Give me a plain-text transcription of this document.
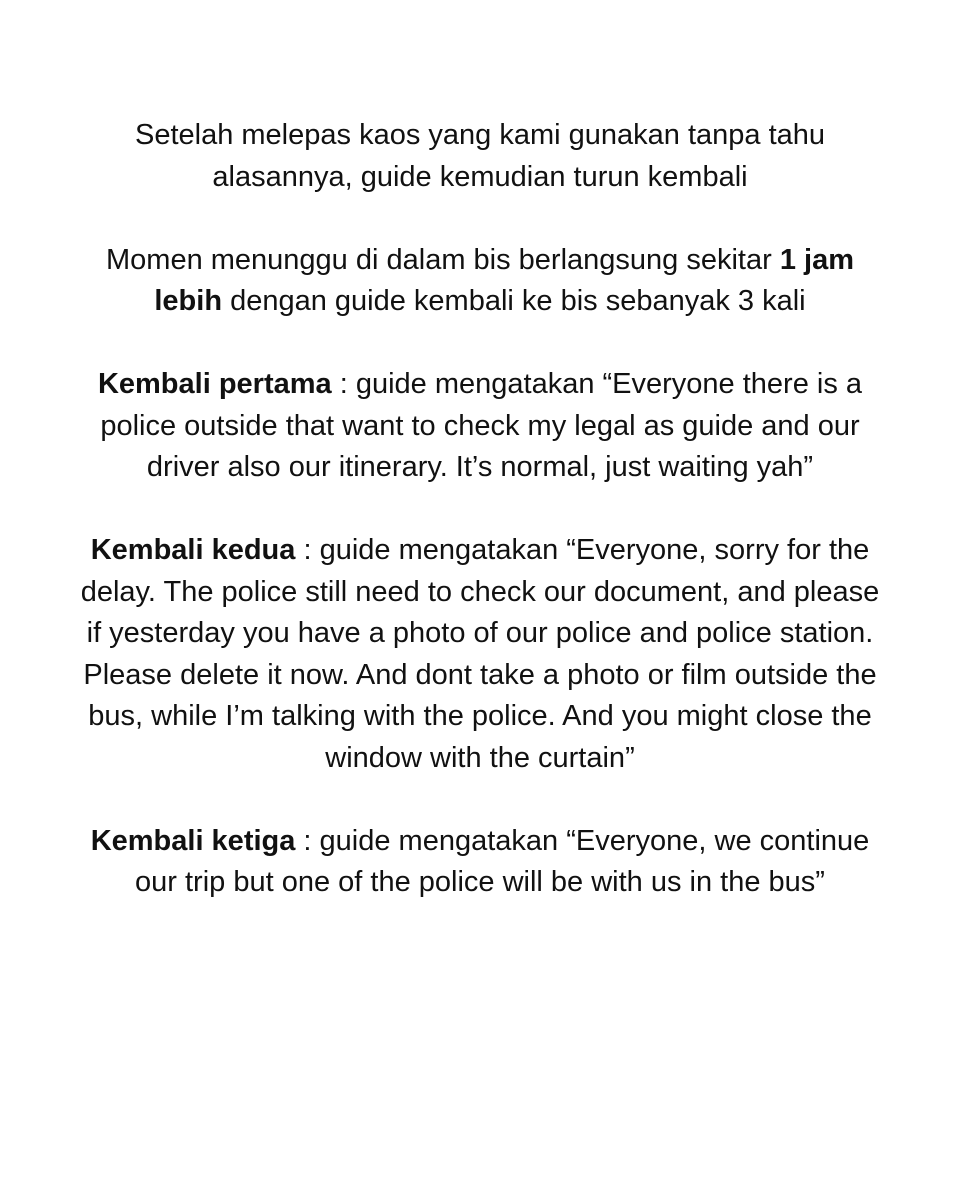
Setelah melepas kaos yang kami gunakan tanpa tahu alasannya, guide kemudian turun kembali

Momen menunggu di dalam bis berlangsung sekitar 1 jam lebih dengan guide kembali ke bis sebanyak 3 kali

Kembali pertama : guide mengatakan “Everyone there is a police outside that want to check my legal as guide and our driver also our itinerary. It’s normal, just waiting yah”

Kembali kedua : guide mengatakan “Everyone, sorry for the delay. The police still need to check our document, and please if yesterday you have a photo of our police and police station. Please delete it now. And dont take a photo or film outside the bus, while I’m talking with the police. And you might close the window with the curtain”

Kembali ketiga : guide mengatakan “Everyone, we continue our trip but one of the police will be with us in the bus”
